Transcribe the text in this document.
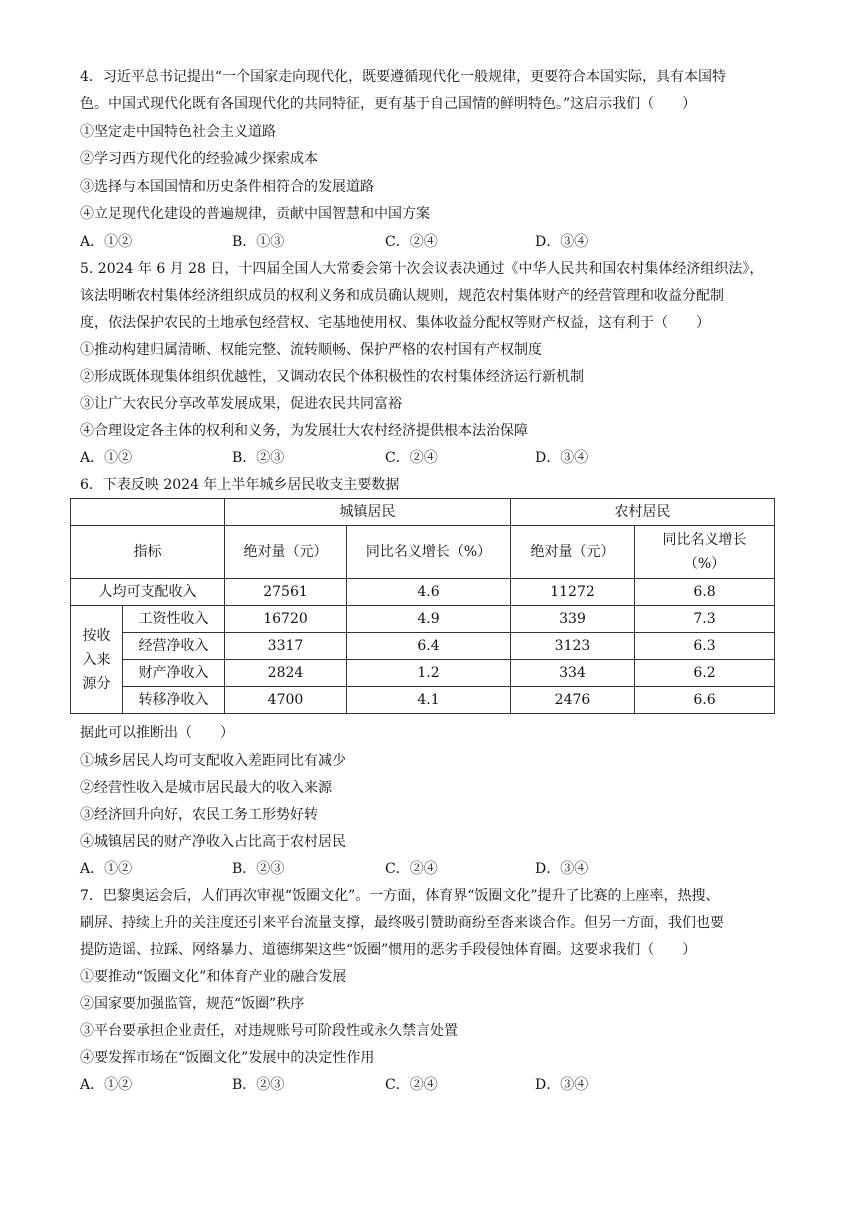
4．习近平总书记提出“一个国家走向现代化，既要遵循现代化一般规律，更要符合本国实际，具有本国特
色。中国式现代化既有各国现代化的共同特征，更有基于自己国情的鲜明特色。”这启示我们（　　）
①坚定走中国特色社会主义道路
②学习西方现代化的经验减少探索成本
③选择与本国国情和历史条件相符合的发展道路
④立足现代化建设的普遍规律，贡献中国智慧和中国方案
A．①②	B．①③	C．②④	D．③④
5. 2024 年 6 月 28 日，十四届全国人大常委会第十次会议表决通过《中华人民共和国农村集体经济组织法》，
该法明晰农村集体经济组织成员的权利义务和成员确认规则，规范农村集体财产的经营管理和收益分配制
度，依法保护农民的土地承包经营权、宅基地使用权、集体收益分配权等财产权益，这有利于（　　）
①推动构建归属清晰、权能完整、流转顺畅、保护严格的农村国有产权制度
②形成既体现集体组织优越性，又调动农民个体积极性的农村集体经济运行新机制
③让广大农民分享改革发展成果，促进农民共同富裕
④合理设定各主体的权利和义务，为发展壮大农村经济提供根本法治保障
A．①②	B．②③	C．②④	D．③④
6．下表反映 2024 年上半年城乡居民收支主要数据
		城镇居民		农村居民	
指标		绝对量（元）	同比名义增长（%）	绝对量（元）	同比名义增长
（%）

人均可支配收入		27561	4.6	11272	6.8

按收
入来
源分	工资性收入	16720	4.9	339	7.3
	经营净收入	3317	6.4	3123	6.3
	财产净收入	2824	1.2	334	6.2
	转移净收入	4700	4.1	2476	6.6
据此可以推断出（　　）
①城乡居民人均可支配收入差距同比有减少
②经营性收入是城市居民最大的收入来源
③经济回升向好，农民工务工形势好转
④城镇居民的财产净收入占比高于农村居民
A．①②	B．②③	C．②④	D．③④
7．巴黎奥运会后，人们再次审视“饭圈文化”。一方面，体育界“饭圈文化”提升了比赛的上座率，热搜、
刷屏、持续上升的关注度还引来平台流量支撑，最终吸引赞助商纷至沓来谈合作。但另一方面，我们也要
提防造谣、拉踩、网络暴力、道德绑架这些“饭圈”惯用的恶劣手段侵蚀体育圈。这要求我们（　　）
①要推动“饭圈文化”和体育产业的融合发展
②国家要加强监管，规范“饭圈”秩序
③平台要承担企业责任，对违规账号可阶段性或永久禁言处置
④要发挥市场在“饭圈文化”发展中的决定性作用
A．①②	B．②③	C．②④	D．③④
